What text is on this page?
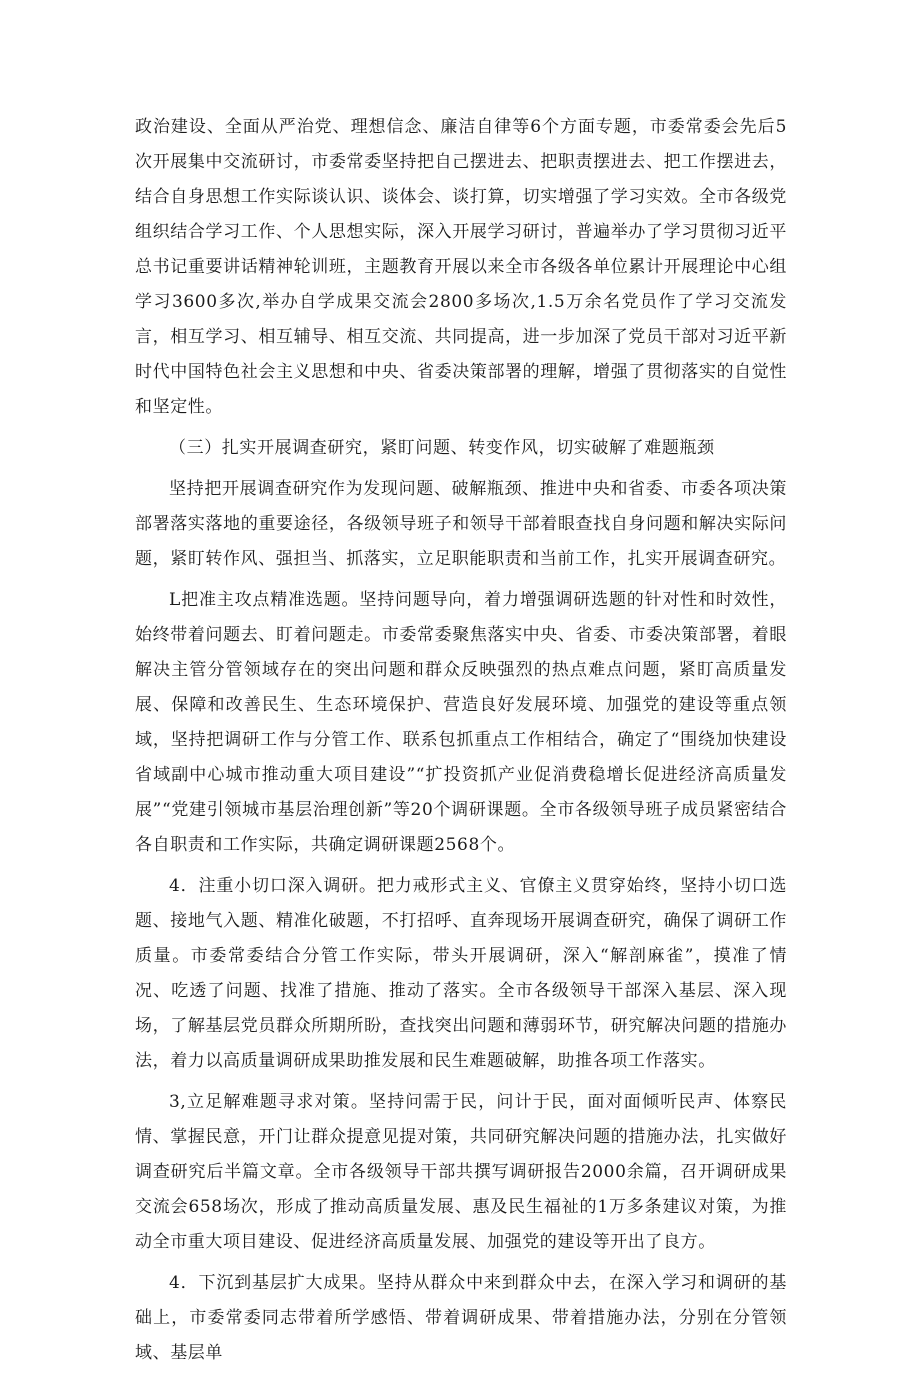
政治建设、全面从严治党、理想信念、廉洁自律等6个方面专题，市委常委会先后5次开展集中交流研讨，市委常委坚持把自己摆进去、把职责摆进去、把工作摆进去，结合自身思想工作实际谈认识、谈体会、谈打算，切实增强了学习实效。全市各级党组织结合学习工作、个人思想实际，深入开展学习研讨，普遍举办了学习贯彻习近平总书记重要讲话精神轮训班，主题教育开展以来全市各级各单位累计开展理论中心组学习3600多次,举办自学成果交流会2800多场次,1.5万余名党员作了学习交流发言，相互学习、相互辅导、相互交流、共同提高，进一步加深了党员干部对习近平新时代中国特色社会主义思想和中央、省委决策部署的理解，增强了贯彻落实的自觉性和坚定性。

（三）扎实开展调查研究，紧盯问题、转变作风，切实破解了难题瓶颈

坚持把开展调查研究作为发现问题、破解瓶颈、推进中央和省委、市委各项决策部署落实落地的重要途径，各级领导班子和领导干部着眼查找自身问题和解决实际问题，紧盯转作风、强担当、抓落实，立足职能职责和当前工作，扎实开展调查研究。

L把准主攻点精准选题。坚持问题导向，着力增强调研选题的针对性和时效性，始终带着问题去、盯着问题走。市委常委聚焦落实中央、省委、市委决策部署，着眼解决主管分管领域存在的突出问题和群众反映强烈的热点难点问题，紧盯高质量发展、保障和改善民生、生态环境保护、营造良好发展环境、加强党的建设等重点领域，坚持把调研工作与分管工作、联系包抓重点工作相结合，确定了“围绕加快建设省域副中心城市推动重大项目建设”“扩投资抓产业促消费稳增长促进经济高质量发展”“党建引领城市基层治理创新”等20个调研课题。全市各级领导班子成员紧密结合各自职责和工作实际，共确定调研课题2568个。

4．注重小切口深入调研。把力戒形式主义、官僚主义贯穿始终，坚持小切口选题、接地气入题、精准化破题，不打招呼、直奔现场开展调查研究，确保了调研工作质量。市委常委结合分管工作实际，带头开展调研，深入“解剖麻雀”，摸准了情况、吃透了问题、找准了措施、推动了落实。全市各级领导干部深入基层、深入现场，了解基层党员群众所期所盼，查找突出问题和薄弱环节，研究解决问题的措施办法，着力以高质量调研成果助推发展和民生难题破解，助推各项工作落实。

3,立足解难题寻求对策。坚持问需于民，问计于民，面对面倾听民声、体察民情、掌握民意，开门让群众提意见提对策，共同研究解决问题的措施办法，扎实做好调查研究后半篇文章。全市各级领导干部共撰写调研报告2000余篇，召开调研成果交流会658场次，形成了推动高质量发展、惠及民生福祉的1万多条建议对策，为推动全市重大项目建设、促进经济高质量发展、加强党的建设等开出了良方。

4．下沉到基层扩大成果。坚持从群众中来到群众中去，在深入学习和调研的基础上，市委常委同志带着所学感悟、带着调研成果、带着措施办法，分别在分管领域、基层单
